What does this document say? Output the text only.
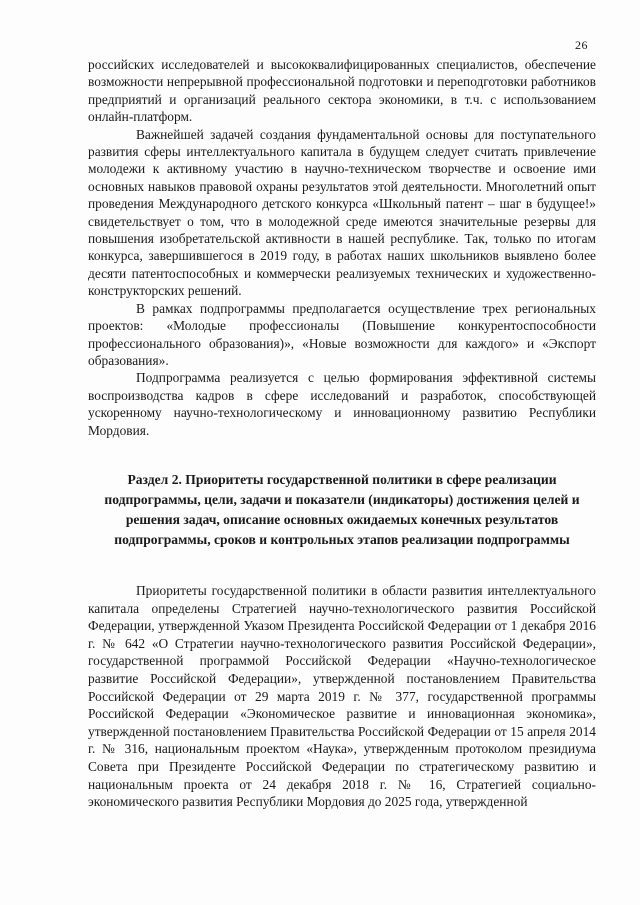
26

российских исследователей и высококвалифицированных специалистов, обеспечение возможности непрерывной профессиональной подготовки и переподготовки работников предприятий и организаций реального сектора экономики, в т.ч. с использованием онлайн-платформ.

Важнейшей задачей создания фундаментальной основы для поступательного развития сферы интеллектуального капитала в будущем следует считать привлечение молодежи к активному участию в научно-техническом творчестве и освоение ими основных навыков правовой охраны результатов этой деятельности. Многолетний опыт проведения Международного детского конкурса «Школьный патент – шаг в будущее!» свидетельствует о том, что в молодежной среде имеются значительные резервы для повышения изобретательской активности в нашей республике. Так, только по итогам конкурса, завершившегося в 2019 году, в работах наших школьников выявлено более десяти патентоспособных и коммерчески реализуемых технических и художественно-конструкторских решений.

В рамках подпрограммы предполагается осуществление трех региональных проектов: «Молодые профессионалы (Повышение конкурентоспособности профессионального образования)», «Новые возможности для каждого» и «Экспорт образования».

Подпрограмма реализуется с целью формирования эффективной системы воспроизводства кадров в сфере исследований и разработок, способствующей ускоренному научно-технологическому и инновационному развитию Республики Мордовия.

Раздел 2. Приоритеты государственной политики в сфере реализации подпрограммы, цели, задачи и показатели (индикаторы) достижения целей и решения задач, описание основных ожидаемых конечных результатов подпрограммы, сроков и контрольных этапов реализации подпрограммы

Приоритеты государственной политики в области развития интеллектуального капитала определены Стратегией научно-технологического развития Российской Федерации, утвержденной Указом Президента Российской Федерации от 1 декабря 2016 г. № 642 «О Стратегии научно-технологического развития Российской Федерации», государственной программой Российской Федерации «Научно-технологическое развитие Российской Федерации», утвержденной постановлением Правительства Российской Федерации от 29 марта 2019 г. № 377, государственной программы Российской Федерации «Экономическое развитие и инновационная экономика», утвержденной постановлением Правительства Российской Федерации от 15 апреля 2014 г. № 316, национальным проектом «Наука», утвержденным протоколом президиума Совета при Президенте Российской Федерации по стратегическому развитию и национальным проекта от 24 декабря 2018 г. № 16, Стратегией социально-экономического развития Республики Мордовия до 2025 года, утвержденной
